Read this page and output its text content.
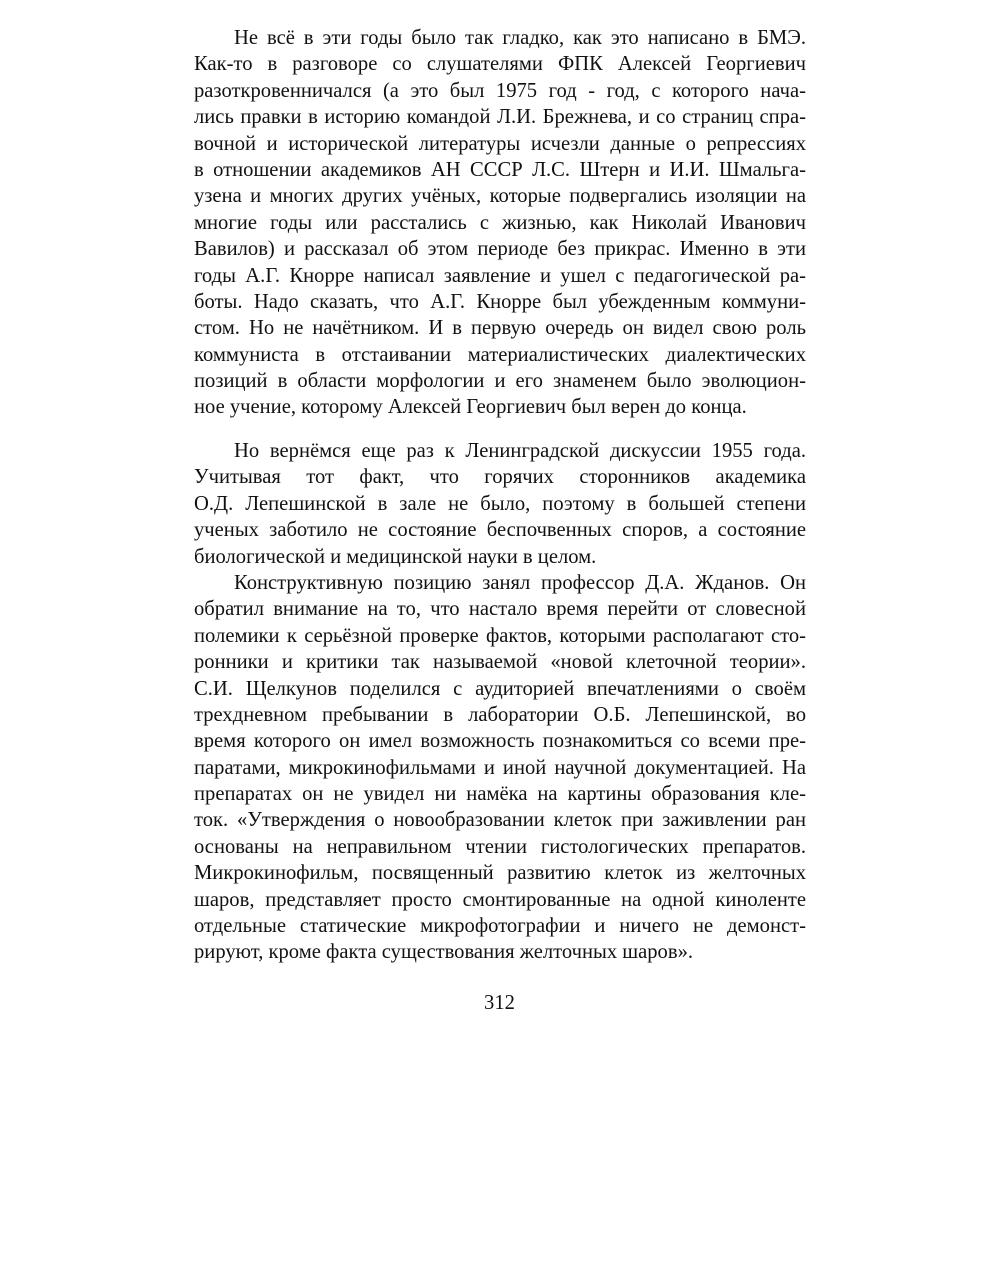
Не всё в эти годы было так гладко, как это написано в БМЭ.
Как-то в разговоре со слушателями ФПК Алексей Георгиевич
разоткровенничался (а это был 1975 год - год, с которого нача-
лись правки в историю командой Л.И. Брежнева, и со страниц спра-
вочной и исторической литературы исчезли данные о репрессиях
в отношении академиков АН СССР Л.С. Штерн и И.И. Шмальга-
узена и многих других учёных, которые подвергались изоляции на
многие годы или расстались с жизнью, как Николай Иванович
Вавилов) и рассказал об этом периоде без прикрас. Именно в эти
годы А.Г. Кнорре написал заявление и ушел с педагогической ра-
боты. Надо сказать, что А.Г. Кнорре был убежденным коммуни-
стом. Но не начётником. И в первую очередь он видел свою роль
коммуниста в отстаивании материалистических диалектических
позиций в области морфологии и его знаменем было эволюцион-
ное учение, которому Алексей Георгиевич был верен до конца.
Но вернёмся еще раз к Ленинградской дискуссии 1955 года.
Учитывая тот факт, что горячих сторонников академика
О.Д. Лепешинской в зале не было, поэтому в большей степени
ученых заботило не состояние беспочвенных споров, а состояние
биологической и медицинской науки в целом.
Конструктивную позицию занял профессор Д.А. Жданов. Он
обратил внимание на то, что настало время перейти от словесной
полемики к серьёзной проверке фактов, которыми располагают сто-
ронники и критики так называемой «новой клеточной теории».
С.И. Щелкунов поделился с аудиторией впечатлениями о своём
трехдневном пребывании в лаборатории О.Б. Лепешинской, во
время которого он имел возможность познакомиться со всеми пре-
паратами, микрокинофильмами и иной научной документацией. На
препаратах он не увидел ни намёка на картины образования кле-
ток. «Утверждения о новообразовании клеток при заживлении ран
основаны на неправильном чтении гистологических препаратов.
Микрокинофильм, посвященный развитию клеток из желточных
шаров, представляет просто смонтированные на одной киноленте
отдельные статические микрофотографии и ничего не демонст-
рируют, кроме факта существования желточных шаров».
312
